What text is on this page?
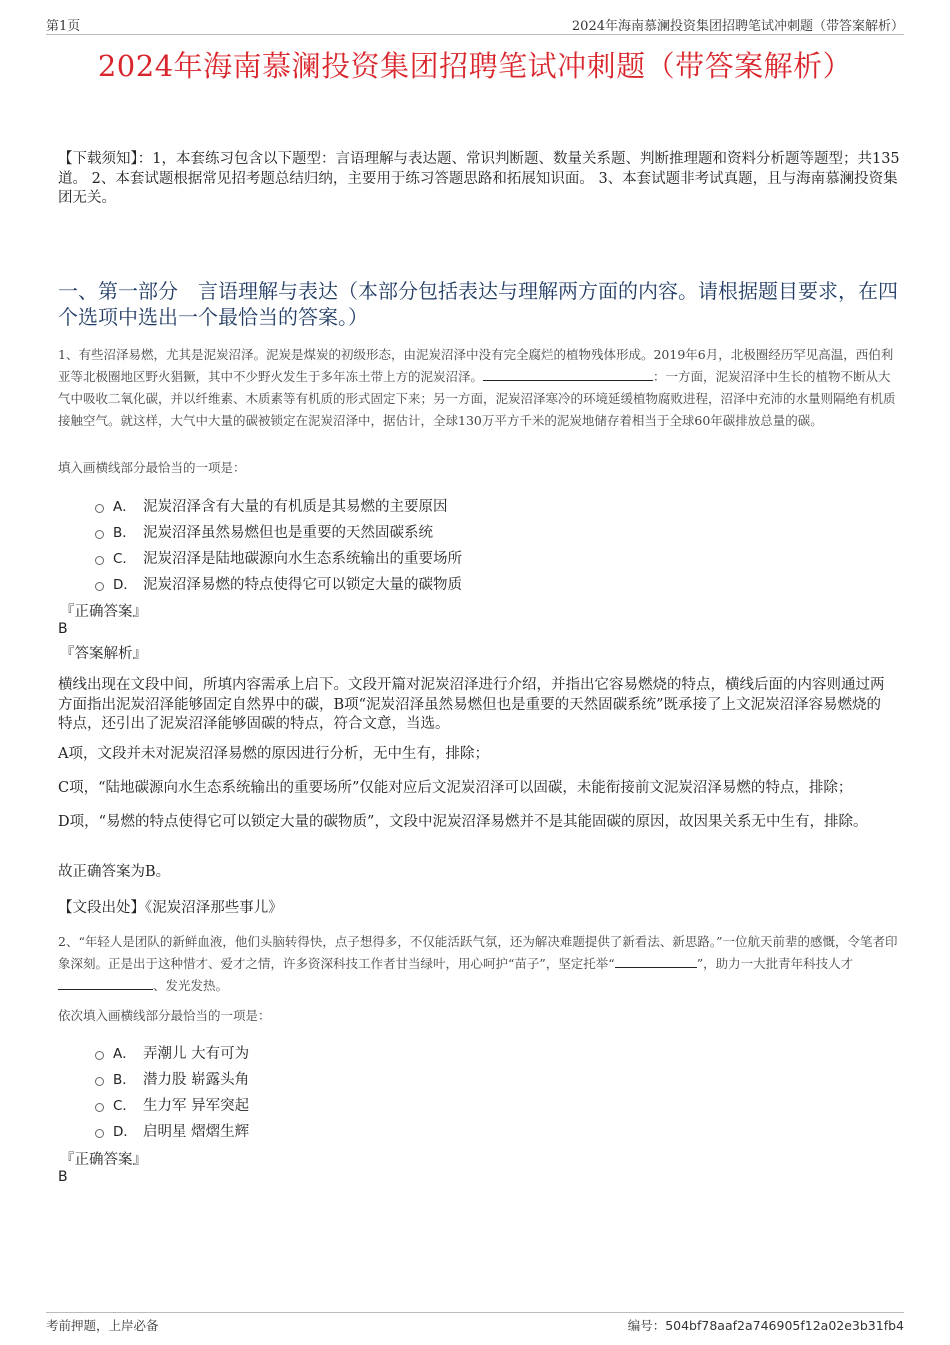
第1页	2024年海南慕澜投资集团招聘笔试冲刺题（带答案解析）
2024年海南慕澜投资集团招聘笔试冲刺题（带答案解析）
【下载须知】：1，本套练习包含以下题型：言语理解与表达题、常识判断题、数量关系题、判断推理题和资料分析题等题型；共135道。 2、本套试题根据常见招考题总结归纳，主要用于练习答题思路和拓展知识面。 3、本套试题非考试真题，且与海南慕澜投资集团无关。
一、第一部分　言语理解与表达（本部分包括表达与理解两方面的内容。请根据题目要求，在四个选项中选出一个最恰当的答案。）
1、有些沼泽易燃，尤其是泥炭沼泽。泥炭是煤炭的初级形态，由泥炭沼泽中没有完全腐烂的植物残体形成。2019年6月，北极圈经历罕见高温，西伯利亚等北极圈地区野火猖獗，其中不少野火发生于多年冻土带上方的泥炭沼泽。	：一方面，泥炭沼泽中生长的植物不断从大气中吸收二氧化碳，并以纤维素、木质素等有机质的形式固定下来；另一方面，泥炭沼泽寒冷的环境延缓植物腐败进程，沼泽中充沛的水量则隔绝有机质接触空气。就这样，大气中大量的碳被锁定在泥炭沼泽中，据估计，全球130万平方千米的泥炭地储存着相当于全球60年碳排放总量的碳。
填入画横线部分最恰当的一项是：
A． 泥炭沼泽含有大量的有机质是其易燃的主要原因
B． 泥炭沼泽虽然易燃但也是重要的天然固碳系统
C． 泥炭沼泽是陆地碳源向水生态系统输出的重要场所
D． 泥炭沼泽易燃的特点使得它可以锁定大量的碳物质
『正确答案』
B
『答案解析』
横线出现在文段中间，所填内容需承上启下。文段开篇对泥炭沼泽进行介绍，并指出它容易燃烧的特点，横线后面的内容则通过两方面指出泥炭沼泽能够固定自然界中的碳，B项“泥炭沼泽虽然易燃但也是重要的天然固碳系统”既承接了上文泥炭沼泽容易燃烧的特点，还引出了泥炭沼泽能够固碳的特点，符合文意，当选。
A项，文段并未对泥炭沼泽易燃的原因进行分析，无中生有，排除；
C项，“陆地碳源向水生态系统输出的重要场所”仅能对应后文泥炭沼泽可以固碳，未能衔接前文泥炭沼泽易燃的特点，排除；
D项，“易燃的特点使得它可以锁定大量的碳物质”，文段中泥炭沼泽易燃并不是其能固碳的原因，故因果关系无中生有，排除。
故正确答案为B。
【文段出处】《泥炭沼泽那些事儿》
2、“年轻人是团队的新鲜血液，他们头脑转得快，点子想得多，不仅能活跃气氛，还为解决难题提供了新看法、新思路。”一位航天前辈的感慨，令笔者印象深刻。正是出于这种惜才、爱才之情，许多资深科技工作者甘当绿叶，用心呵护“苗子”，坚定托举“	”，助力一大批青年科技人才、发光发热。
依次填入画横线部分最恰当的一项是：
A． 弄潮儿 大有可为
B． 潜力股 崭露头角
C． 生力军 异军突起
D． 启明星 熠熠生辉
『正确答案』
B
考前押题，上岸必备	编号：504bf78aaf2a746905f12a02e3b31fb4
